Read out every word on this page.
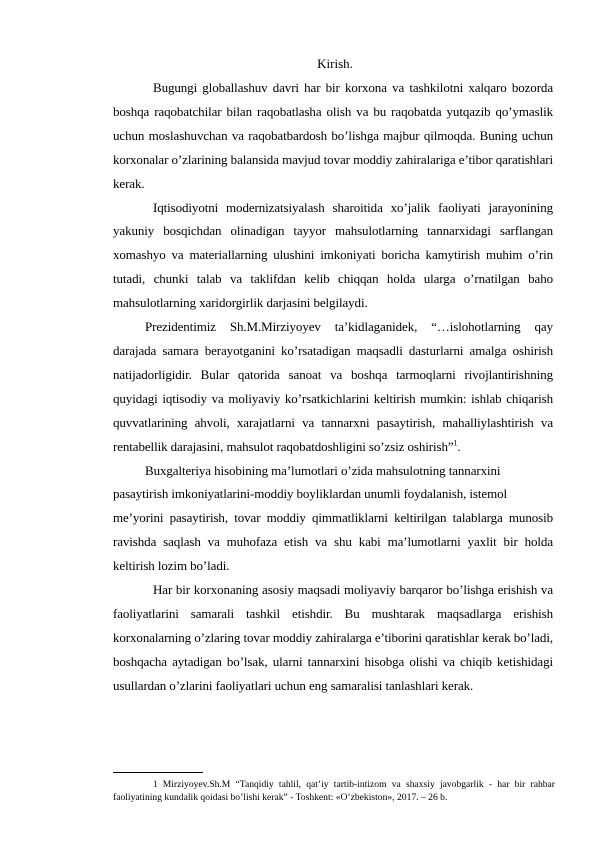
Kirish.

Bugungi globallashuv davri har bir korxona va tashkilotni xalqaro bozorda boshqa raqobatchilar bilan raqobatlasha olish va bu raqobatda yutqazib qo’ymaslik uchun moslashuvchan va raqobatbardosh bo’lishga majbur qilmoqda. Buning uchun korxonalar o’zlarining balansida mavjud tovar moddiy zahiralariga e’tibor qaratishlari kerak.

Iqtisodiyotni modernizatsiyalash sharoitida xo’jalik faoliyati jarayonining yakuniy bosqichdan olinadigan tayyor mahsulotlarning tannarxidagi sarflangan xomashyo va materiallarning ulushini imkoniyati boricha kamytirish muhim o’rin tutadi, chunki talab va taklifdan kelib chiqqan holda ularga o’rnatilgan baho mahsulotlarning xaridorgirlik darjasini belgilaydi.

Prezidentimiz Sh.M.Mirziyoyev ta’kidlaganidek, “…islohotlarning qay darajada samara berayotganini ko’rsatadigan maqsadli dasturlarni amalga oshirish natijadorligidir. Bular qatorida sanoat va boshqa tarmoqlarni rivojlantirishning quyidagi iqtisodiy va moliyaviy ko’rsatkichlarini keltirish mumkin: ishlab chiqarish quvvatlarining ahvoli, xarajatlarni va tannarxni pasaytirish, mahalliylashtirish va rentabellik darajasini, mahsulot raqobatdoshligini so’zsiz oshirish”$^1$.

Buxgalteriya hisobining ma’lumotlari o’zida mahsulotning tannarxini

pasaytirish imkoniyatlarini-moddiy boyliklardan unumli foydalanish, istemol

me’yorini pasaytirish, tovar moddiy qimmatliklarni keltirilgan talablarga munosib ravishda saqlash va muhofaza etish va shu kabi ma’lumotlarni yaxlit bir holda keltirish lozim bo’ladi.

Har bir korxonaning asosiy maqsadi moliyaviy barqaror bo’lishga erishish va faoliyatlarini samarali tashkil etishdir. Bu mushtarak maqsadlarga erishish korxonalarning o’zlaring tovar moddiy zahiralarga e’tiborini qaratishlar kerak bo’ladi, boshqacha aytadigan bo’lsak, ularni tannarxini hisobga olishi va chiqib ketishidagi usullardan o’zlarini faoliyatlari uchun eng samaralisi tanlashlari kerak.

1 Mirziyoyev.Sh.M “Tanqidiy tahlil, qat’iy tartib-intizom va shaxsiy javobgarlik - har bir rahbar faoliyatining kundalik qoidasi bo’lishi kerak” - Toshkent: «O’zbekiston», 2017. – 26 b.
